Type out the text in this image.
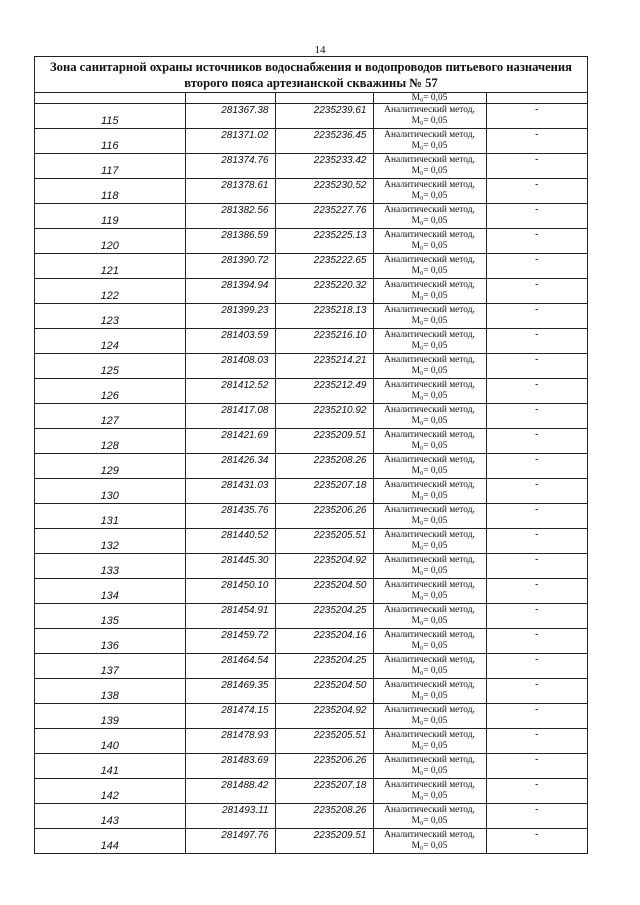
14
Зона санитарной охраны источников водоснабжения и водопроводов питьевого назначения
второго пояса артезианской скважины № 57
			M₀= 0,05	
115	281367.38	2235239.61	Аналитический метод,
M₀= 0,05	-
116	281371.02	2235236.45	Аналитический метод,
M₀= 0,05	-
117	281374.76	2235233.42	Аналитический метод,
M₀= 0,05	-
118	281378.61	2235230.52	Аналитический метод,
M₀= 0,05	-
119	281382.56	2235227.76	Аналитический метод,
M₀= 0,05	-
120	281386.59	2235225.13	Аналитический метод,
M₀= 0,05	-
121	281390.72	2235222.65	Аналитический метод,
M₀= 0,05	-
122	281394.94	2235220.32	Аналитический метод,
M₀= 0,05	-
123	281399.23	2235218.13	Аналитический метод,
M₀= 0,05	-
124	281403.59	2235216.10	Аналитический метод,
M₀= 0,05	-
125	281408.03	2235214.21	Аналитический метод,
M₀= 0,05	-
126	281412.52	2235212.49	Аналитический метод,
M₀= 0,05	-
127	281417.08	2235210.92	Аналитический метод,
M₀= 0,05	-
128	281421.69	2235209.51	Аналитический метод,
M₀= 0,05	-
129	281426.34	2235208.26	Аналитический метод,
M₀= 0,05	-
130	281431.03	2235207.18	Аналитический метод,
M₀= 0,05	-
131	281435.76	2235206.26	Аналитический метод,
M₀= 0,05	-
132	281440.52	2235205.51	Аналитический метод,
M₀= 0,05	-
133	281445.30	2235204.92	Аналитический метод,
M₀= 0,05	-
134	281450.10	2235204.50	Аналитический метод,
M₀= 0,05	-
135	281454.91	2235204.25	Аналитический метод,
M₀= 0,05	-
136	281459.72	2235204.16	Аналитический метод,
M₀= 0,05	-
137	281464.54	2235204.25	Аналитический метод,
M₀= 0,05	-
138	281469.35	2235204.50	Аналитический метод,
M₀= 0,05	-
139	281474.15	2235204.92	Аналитический метод,
M₀= 0,05	-
140	281478.93	2235205.51	Аналитический метод,
M₀= 0,05	-
141	281483.69	2235206.26	Аналитический метод,
M₀= 0,05	-
142	281488.42	2235207.18	Аналитический метод,
M₀= 0,05	-
143	281493.11	2235208.26	Аналитический метод,
M₀= 0,05	-
144	281497.76	2235209.51	Аналитический метод,
M₀= 0,05	-
